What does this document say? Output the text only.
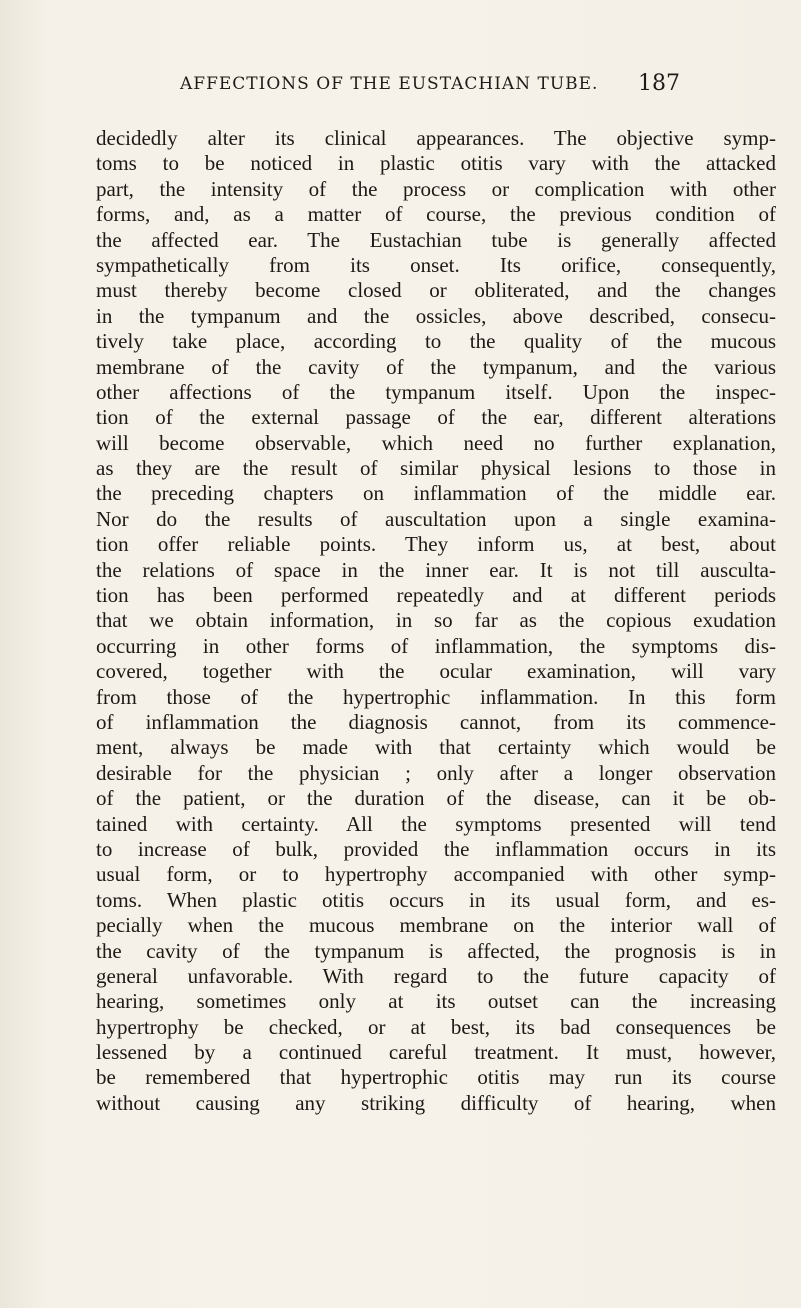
AFFECTIONS OF THE EUSTACHIAN TUBE. 187
decidedly alter its clinical appearances. The objective symp-
toms to be noticed in plastic otitis vary with the attacked
part, the intensity of the process or complication with other
forms, and, as a matter of course, the previous condition of
the affected ear. The Eustachian tube is generally affected
sympathetically from its onset. Its orifice, consequently,
must thereby become closed or obliterated, and the changes
in the tympanum and the ossicles, above described, consecu-
tively take place, according to the quality of the mucous
membrane of the cavity of the tympanum, and the various
other affections of the tympanum itself. Upon the inspec-
tion of the external passage of the ear, different alterations
will become observable, which need no further explanation,
as they are the result of similar physical lesions to those in
the preceding chapters on inflammation of the middle ear.
Nor do the results of auscultation upon a single examina-
tion offer reliable points. They inform us, at best, about
the relations of space in the inner ear. It is not till ausculta-
tion has been performed repeatedly and at different periods
that we obtain information, in so far as the copious exudation
occurring in other forms of inflammation, the symptoms dis-
covered, together with the ocular examination, will vary
from those of the hypertrophic inflammation. In this form
of inflammation the diagnosis cannot, from its commence-
ment, always be made with that certainty which would be
desirable for the physician ; only after a longer observation
of the patient, or the duration of the disease, can it be ob-
tained with certainty. All the symptoms presented will tend
to increase of bulk, provided the inflammation occurs in its
usual form, or to hypertrophy accompanied with other symp-
toms. When plastic otitis occurs in its usual form, and es-
pecially when the mucous membrane on the interior wall of
the cavity of the tympanum is affected, the prognosis is in
general unfavorable. With regard to the future capacity of
hearing, sometimes only at its outset can the increasing
hypertrophy be checked, or at best, its bad consequences be
lessened by a continued careful treatment. It must, however,
be remembered that hypertrophic otitis may run its course
without causing any striking difficulty of hearing, when
